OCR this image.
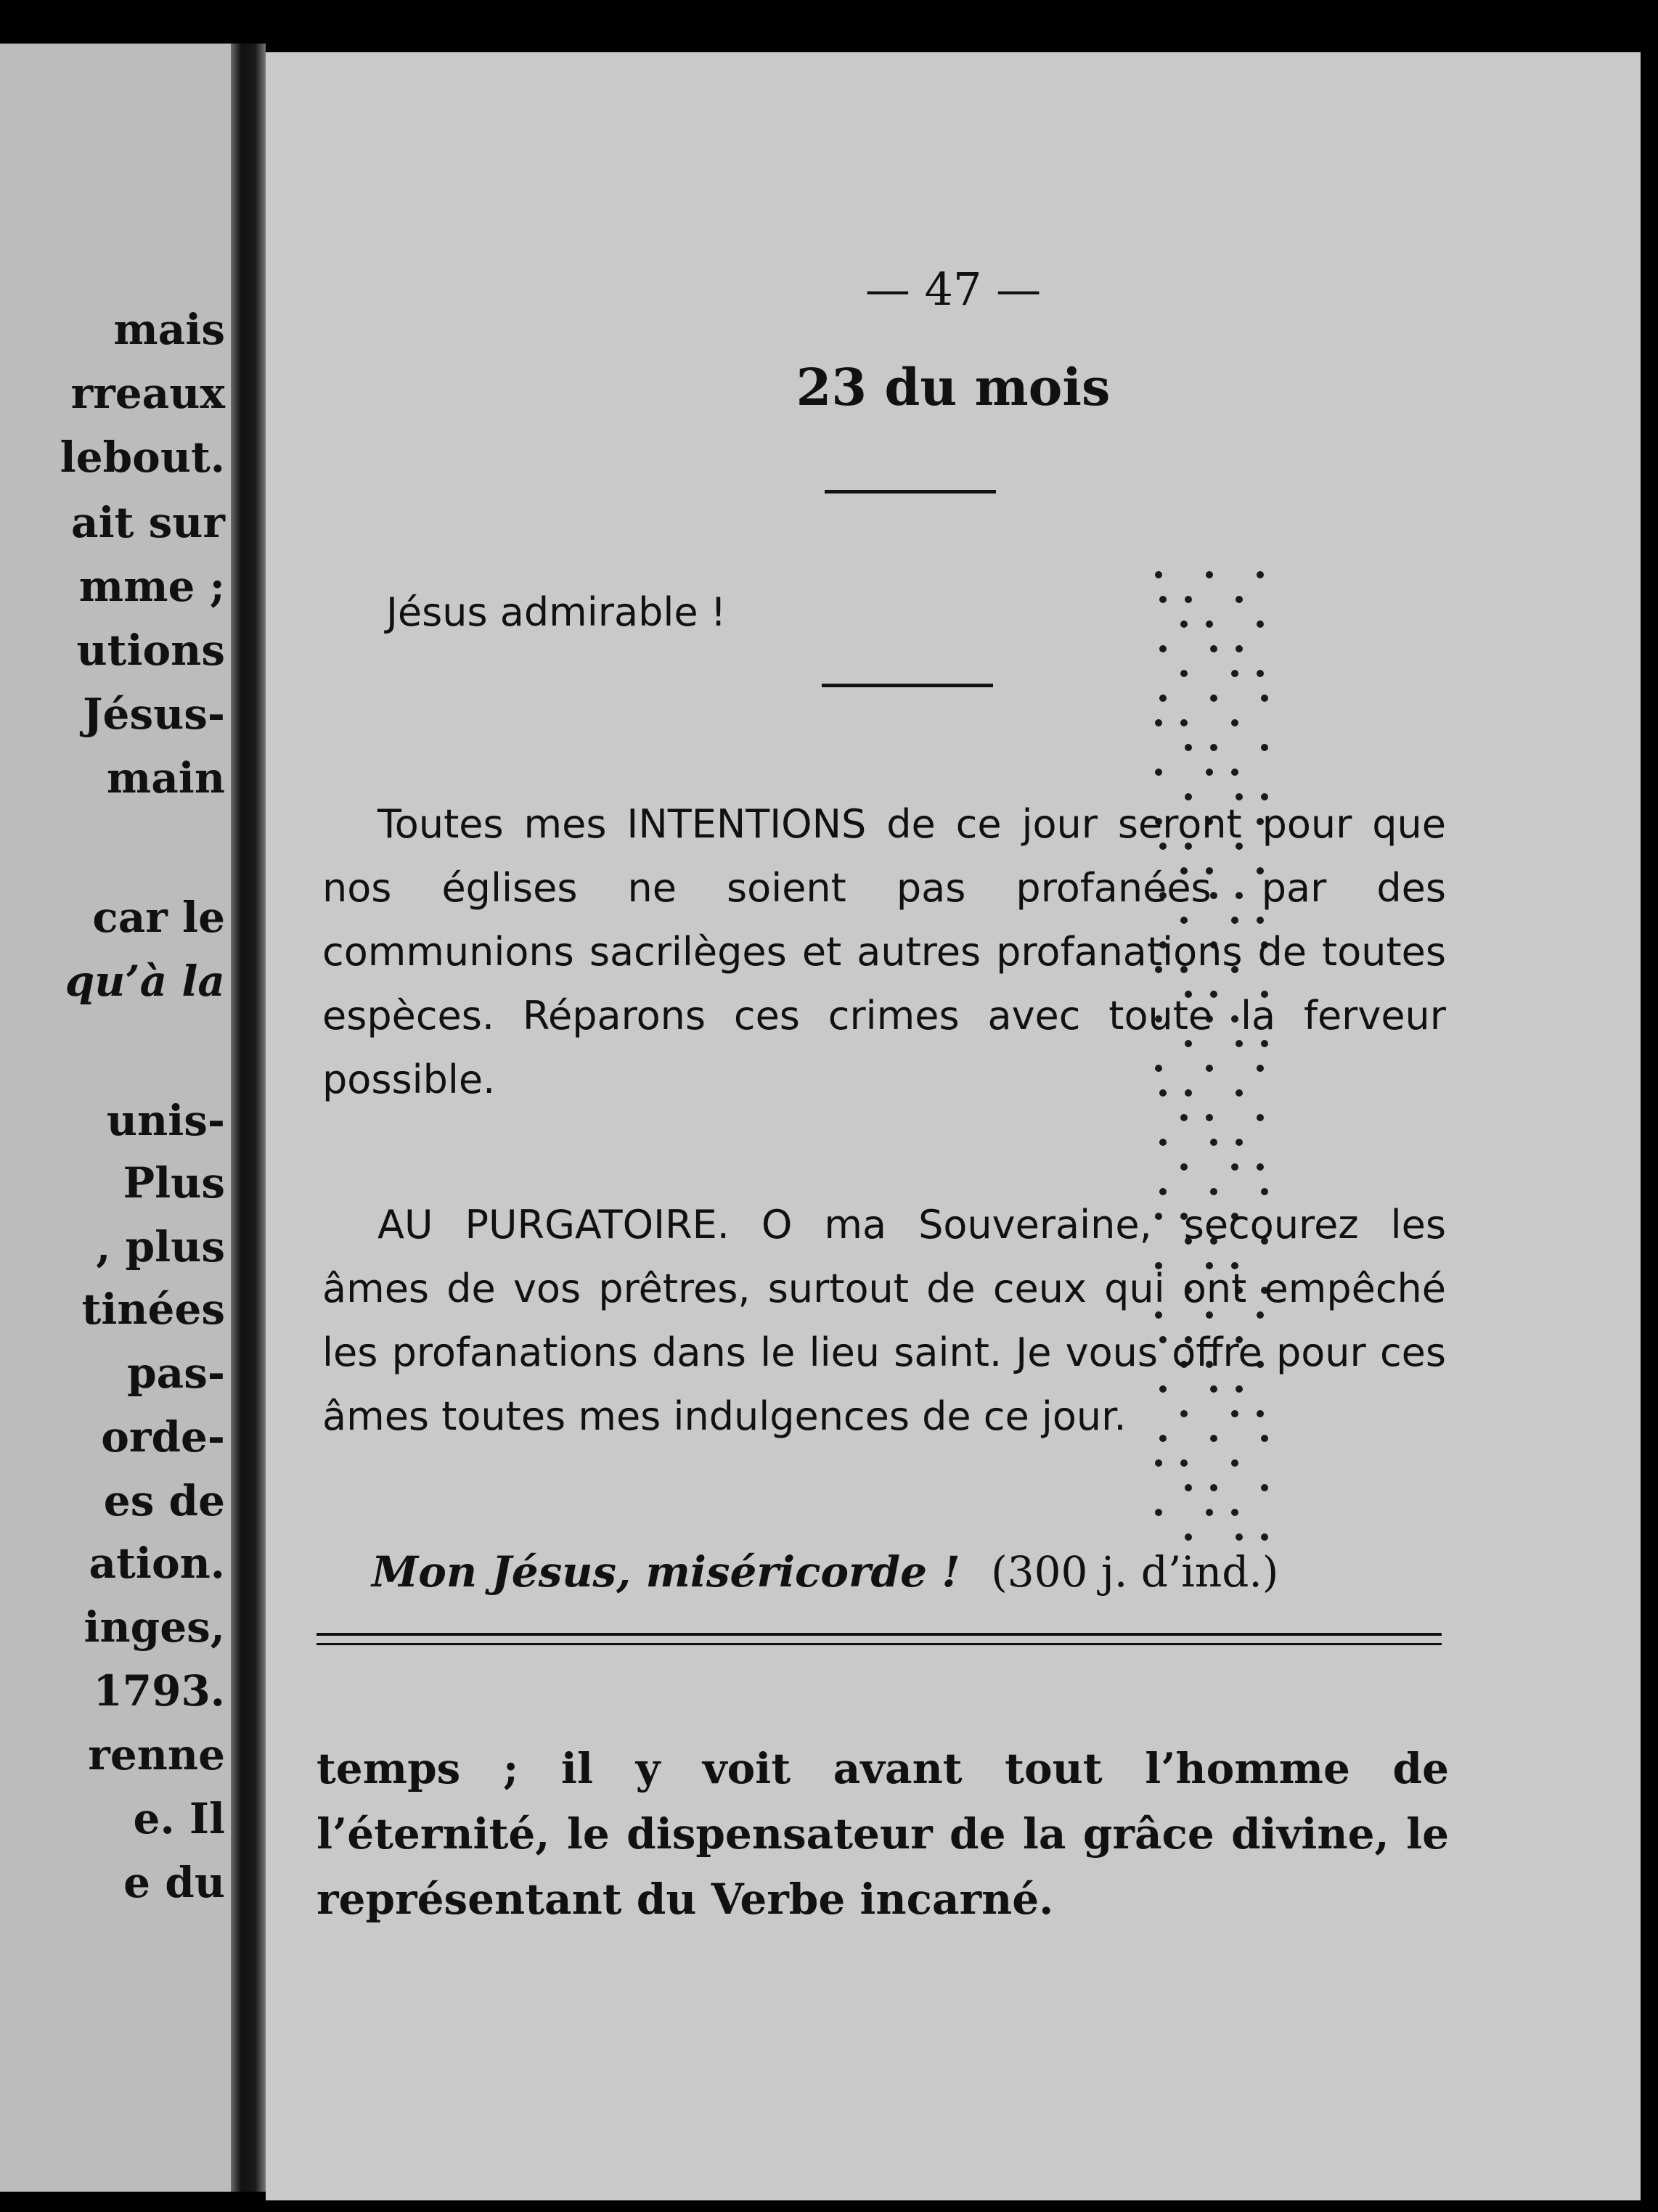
mais
rreaux
lebout.
ait sur
mme ;
utions
Jésus-
main
car le
qu’à la
unis-
Plus
, plus
tinées
pas-
orde-
es de
ation.
inges,
1793.
renne
e. Il
e du
— 47 —
23 du mois
Jésus admirable !

Toutes mes INTENTIONS de ce jour seront pour que nos églises ne soient pas profanées par des communions sacrilèges et autres profanations de toutes espèces. Réparons ces crimes avec toute la ferveur possible.

AU PURGATOIRE. O ma Souveraine, secourez les âmes de vos prêtres, surtout de ceux qui ont empêché les profanations dans le lieu saint. Je vous offre pour ces âmes toutes mes indulgences de ce jour.

Mon Jésus, miséricorde ! (300 j. d’ind.)

temps ; il y voit avant tout l’homme de l’éternité, le dispensateur de la grâce divine, le représentant du Verbe incarné.
